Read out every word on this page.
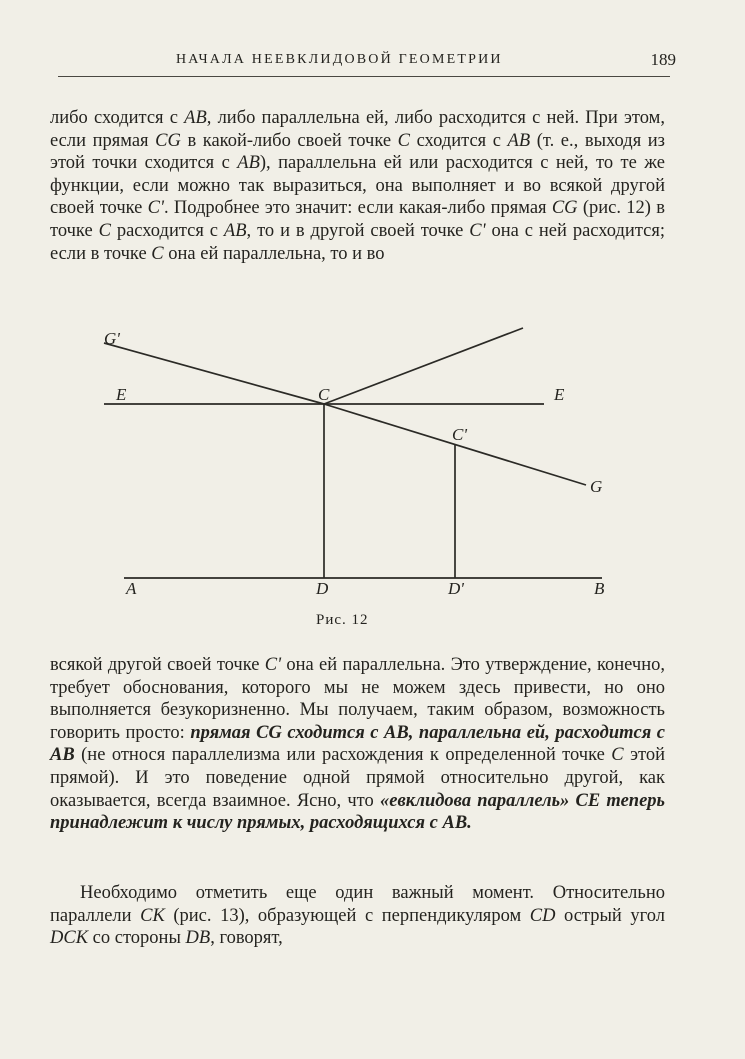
НАЧАЛА НЕЕВКЛИДОВОЙ ГЕОМЕТРИИ	189

либо сходится с AB, либо параллельна ей, либо расходится с ней. При этом, если прямая CG в какой-либо своей точке C сходится с AB (т. е., выходя из этой точки сходится с AB), параллельна ей или расходится с ней, то те же функции, если можно так выразиться, она выполняет и во всякой другой своей точке C'. Подробнее это значит: если какая-либо прямая CG (рис. 12) в точке C расходится с AB, то и в другой своей точке C' она с ней расходится; если в точке C она ей параллельна, то и во

G'
E	C	E
C'
G
A	D	D'	B
Рис. 12

всякой другой своей точке C' она ей параллельна. Это утверждение, конечно, требует обоснования, которого мы не можем здесь привести, но оно выполняется безукоризненно. Мы получаем, таким образом, возможность говорить просто: прямая CG сходится с AB, параллельна ей, расходится с AB (не относя параллелизма или расхождения к определенной точке C этой прямой). И это поведение одной прямой относительно другой, как оказывается, всегда взаимное. Ясно, что «евклидова параллель» CE теперь принадлежит к числу прямых, расходящихся с AB.

Необходимо отметить еще один важный момент. Относительно параллели CK (рис. 13), образующей с перпендикуляром CD острый угол DCK со стороны DB, говорят,
